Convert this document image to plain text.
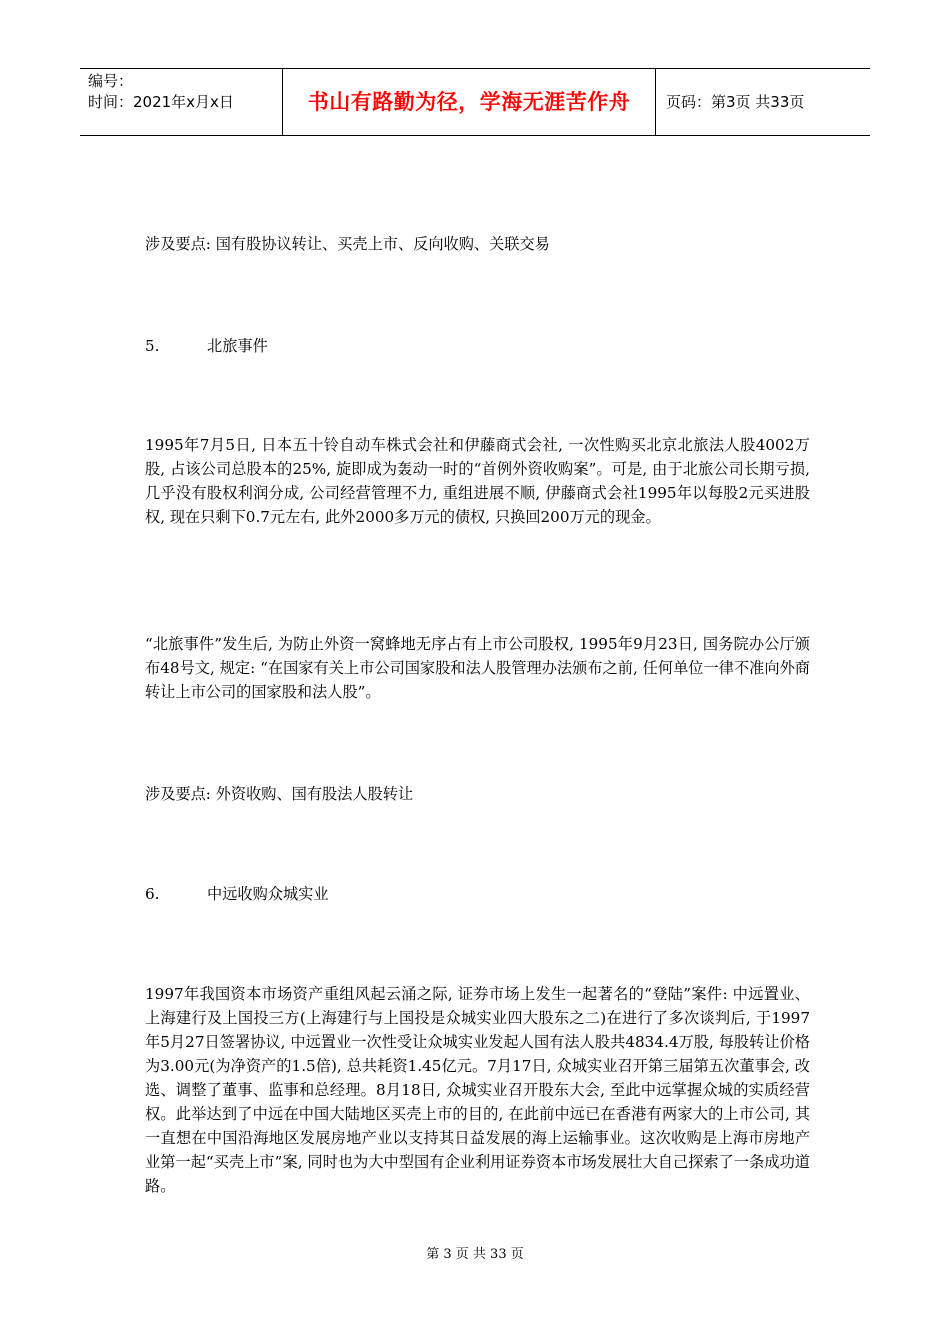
编号：
时间：2021年x月x日	书山有路勤为径，学海无涯苦作舟	页码：第3页 共33页

涉及要点: 国有股协议转让、买壳上市、反向收购、关联交易

5.	北旅事件

1995年7月5日, 日本五十铃自动车株式会社和伊藤商式会社, 一次性购买北京北旅法人股4002万股, 占该公司总股本的25%, 旋即成为轰动一时的“首例外资收购案”。可是, 由于北旅公司长期亏损, 几乎没有股权利润分成, 公司经营管理不力, 重组进展不顺, 伊藤商式会社1995年以每股2元买进股权, 现在只剩下0.7元左右, 此外2000多万元的债权, 只换回200万元的现金。

“北旅事件”发生后, 为防止外资一窝蜂地无序占有上市公司股权, 1995年9月23日, 国务院办公厅颁布48号文, 规定: “在国家有关上市公司国家股和法人股管理办法颁布之前, 任何单位一律不准向外商转让上市公司的国家股和法人股”。

涉及要点: 外资收购、国有股法人股转让

6.	中远收购众城实业

1997年我国资本市场资产重组风起云涌之际, 证券市场上发生一起著名的“登陆”案件: 中远置业、上海建行及上国投三方(上海建行与上国投是众城实业四大股东之二)在进行了多次谈判后, 于1997年5月27日签署协议, 中远置业一次性受让众城实业发起人国有法人股共4834.4万股, 每股转让价格为3.00元(为净资产的1.5倍), 总共耗资1.45亿元。7月17日, 众城实业召开第三届第五次董事会, 改选、调整了董事、监事和总经理。8月18日, 众城实业召开股东大会, 至此中远掌握众城的实质经营权。此举达到了中远在中国大陆地区买壳上市的目的, 在此前中远已在香港有两家大的上市公司, 其一直想在中国沿海地区发展房地产业以支持其日益发展的海上运输事业。这次收购是上海市房地产业第一起“买壳上市”案, 同时也为大中型国有企业利用证券资本市场发展壮大自己探索了一条成功道路。

第 3 页 共 33 页
